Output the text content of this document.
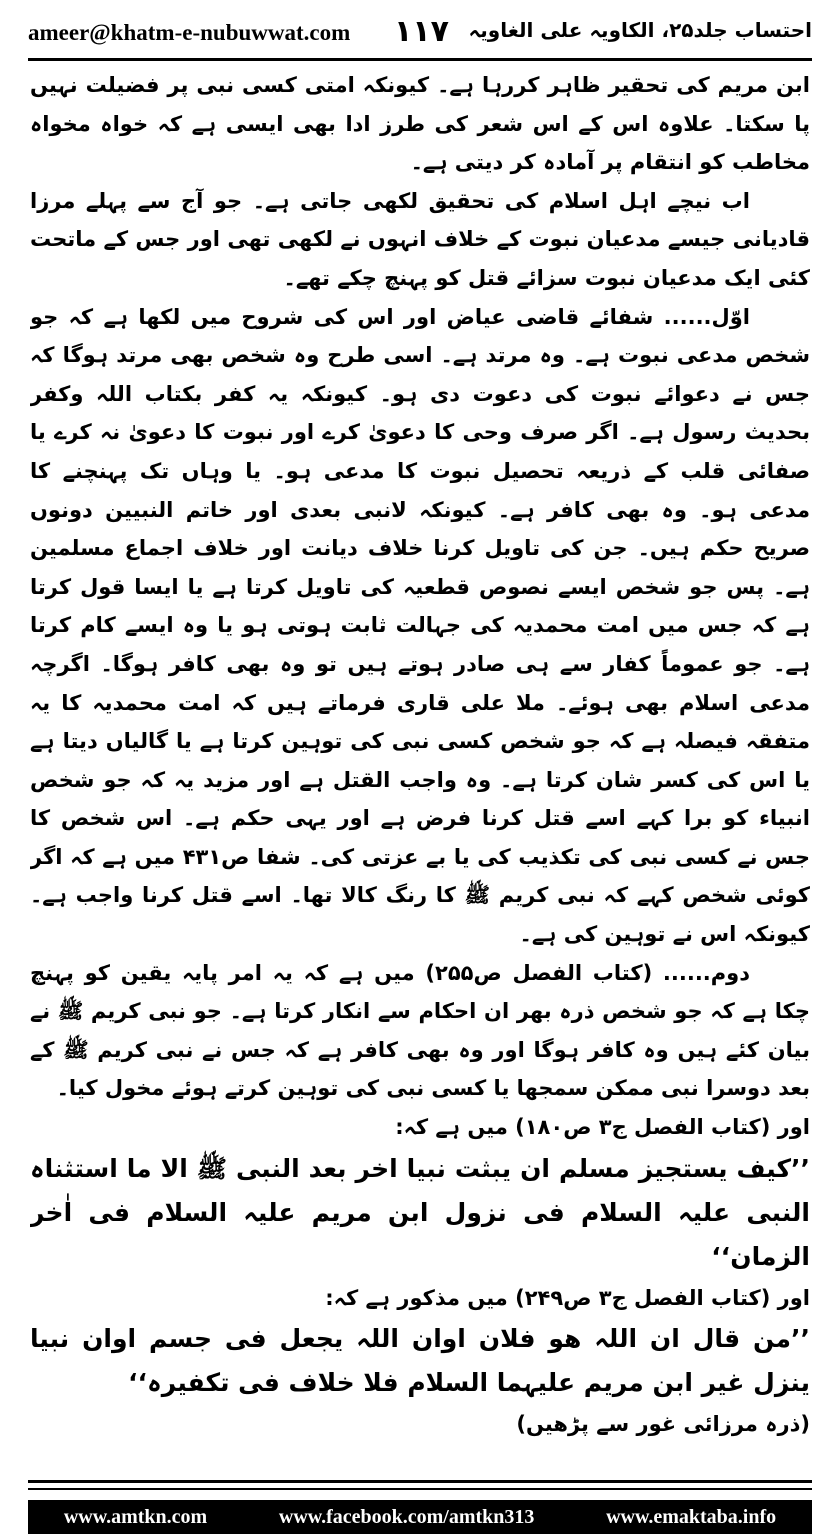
ameer@khatm-e-nubuwwat.com ۱۱۷ احتساب جلد۲۵، الکاویہ علی الغاویہ

ابن مریم کی تحقیر ظاہر کررہا ہے۔ کیونکہ امتی کسی نبی پر فضیلت نہیں پا سکتا۔ علاوہ اس کے اس شعر کی طرز ادا بھی ایسی ہے کہ خواہ مخواہ مخاطب کو انتقام پر آمادہ کر دیتی ہے۔

اب نیچے اہل اسلام کی تحقیق لکھی جاتی ہے۔ جو آج سے پہلے مرزا قادیانی جیسے مدعیان نبوت کے خلاف انہوں نے لکھی تھی اور جس کے ماتحت کئی ایک مدعیان نبوت سزائے قتل کو پہنچ چکے تھے۔

اوّل...... شفائے قاضی عیاض اور اس کی شروح میں لکھا ہے کہ جو شخص مدعی نبوت ہے۔ وہ مرتد ہے۔ اسی طرح وہ شخص بھی مرتد ہوگا کہ جس نے دعوائے نبوت کی دعوت دی ہو۔ کیونکہ یہ کفر بکتاب اللہ وکفر بحدیث رسول ہے۔ اگر صرف وحی کا دعویٰ کرے اور نبوت کا دعویٰ نہ کرے یا صفائی قلب کے ذریعہ تحصیل نبوت کا مدعی ہو۔ یا وہاں تک پہنچنے کا مدعی ہو۔ وہ بھی کافر ہے۔ کیونکہ لانبی بعدی اور خاتم النبیین دونوں صریح حکم ہیں۔ جن کی تاویل کرنا خلاف دیانت اور خلاف اجماع مسلمین ہے۔ پس جو شخص ایسے نصوص قطعیہ کی تاویل کرتا ہے یا ایسا قول کرتا ہے کہ جس میں امت محمدیہ کی جہالت ثابت ہوتی ہو یا وہ ایسے کام کرتا ہے۔ جو عموماً کفار سے ہی صادر ہوتے ہیں تو وہ بھی کافر ہوگا۔ اگرچہ مدعی اسلام بھی ہوئے۔ ملا علی قاری فرماتے ہیں کہ امت محمدیہ کا یہ متفقہ فیصلہ ہے کہ جو شخص کسی نبی کی توہین کرتا ہے یا گالیاں دیتا ہے یا اس کی کسر شان کرتا ہے۔ وہ واجب القتل ہے اور مزید یہ کہ جو شخص انبیاء کو برا کہے اسے قتل کرنا فرض ہے اور یہی حکم ہے۔ اس شخص کا جس نے کسی نبی کی تکذیب کی یا بے عزتی کی۔ شفا ص۴۳۱ میں ہے کہ اگر کوئی شخص کہے کہ نبی کریم ﷺ کا رنگ کالا تھا۔ اسے قتل کرنا واجب ہے۔ کیونکہ اس نے توہین کی ہے۔

دوم...... (کتاب الفصل ص۲۵۵) میں ہے کہ یہ امر پایہ یقین کو پہنچ چکا ہے کہ جو شخص ذرہ بھر ان احکام سے انکار کرتا ہے۔ جو نبی کریم ﷺ نے بیان کئے ہیں وہ کافر ہوگا اور وہ بھی کافر ہے کہ جس نے نبی کریم ﷺ کے بعد دوسرا نبی ممکن سمجھا یا کسی نبی کی توہین کرتے ہوئے مخول کیا۔

اور (کتاب الفصل ج۳ ص۱۸۰) میں ہے کہ:

’’کیف یستجیز مسلم ان یبثت نبیا اخر بعد النبی ﷺ الا ما استثناہ النبی علیہ السلام فی نزول ابن مریم علیہ السلام فی اٰخر الزمان‘‘

اور (کتاب الفصل ج۳ ص۲۴۹) میں مذکور ہے کہ:

’’من قال ان اللہ ھو فلان اوان اللہ یجعل فی جسم اوان نبیا ینزل غیر ابن مریم علیہما السلام فلا خلاف فی تکفیرہ‘‘

(ذرہ مرزائی غور سے پڑھیں)

www.amtkn.com	www.facebook.com/amtkn313	www.emaktaba.info
